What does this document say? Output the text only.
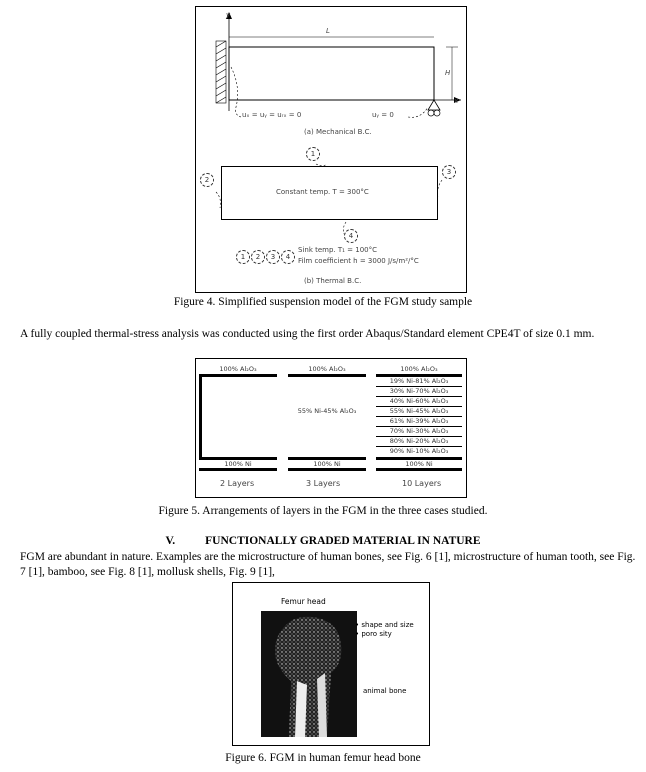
y
x
L
H
uₓ = uᵧ = uᵣₓ = 0	uᵧ = 0
(a) Mechanical B.C.
Constant temp. T = 300°C
1
2
3
4
1	2	3	4
Sink temp. T₁ = 100°C
Film coefficient h = 3000 J/s/m²/°C
(b) Thermal B.C.
Figure 4. Simplified suspension model of the FGM study sample
A fully coupled thermal-stress analysis was conducted using the first order Abaqus/Standard element CPE4T of size 0.1 mm.
100% Al₂O₃
100% Ni
2 Layers
100% Al₂O₃
55% Ni-45% Al₂O₃
100% Ni
3 Layers
100% Al₂O₃
19% Ni-81% Al₂O₃
30% Ni-70% Al₂O₃
40% Ni-60% Al₂O₃
55% Ni-45% Al₂O₃
61% Ni-39% Al₂O₃
70% Ni-30% Al₂O₃
80% Ni-20% Al₂O₃
90% Ni-10% Al₂O₃
100% Ni
10 Layers
Figure 5. Arrangements of layers in the FGM in the three cases studied.
V.	FUNCTIONALLY GRADED MATERIAL IN NATURE
FGM are abundant in nature. Examples are the microstructure of human bones, see Fig. 6 [1], microstructure of human tooth, see Fig. 7 [1], bamboo, see Fig. 8 [1], mollusk shells, Fig. 9 [1],
Femur head
• shape and size
• poro sity
animal bone
Figure 6. FGM in human femur head bone
